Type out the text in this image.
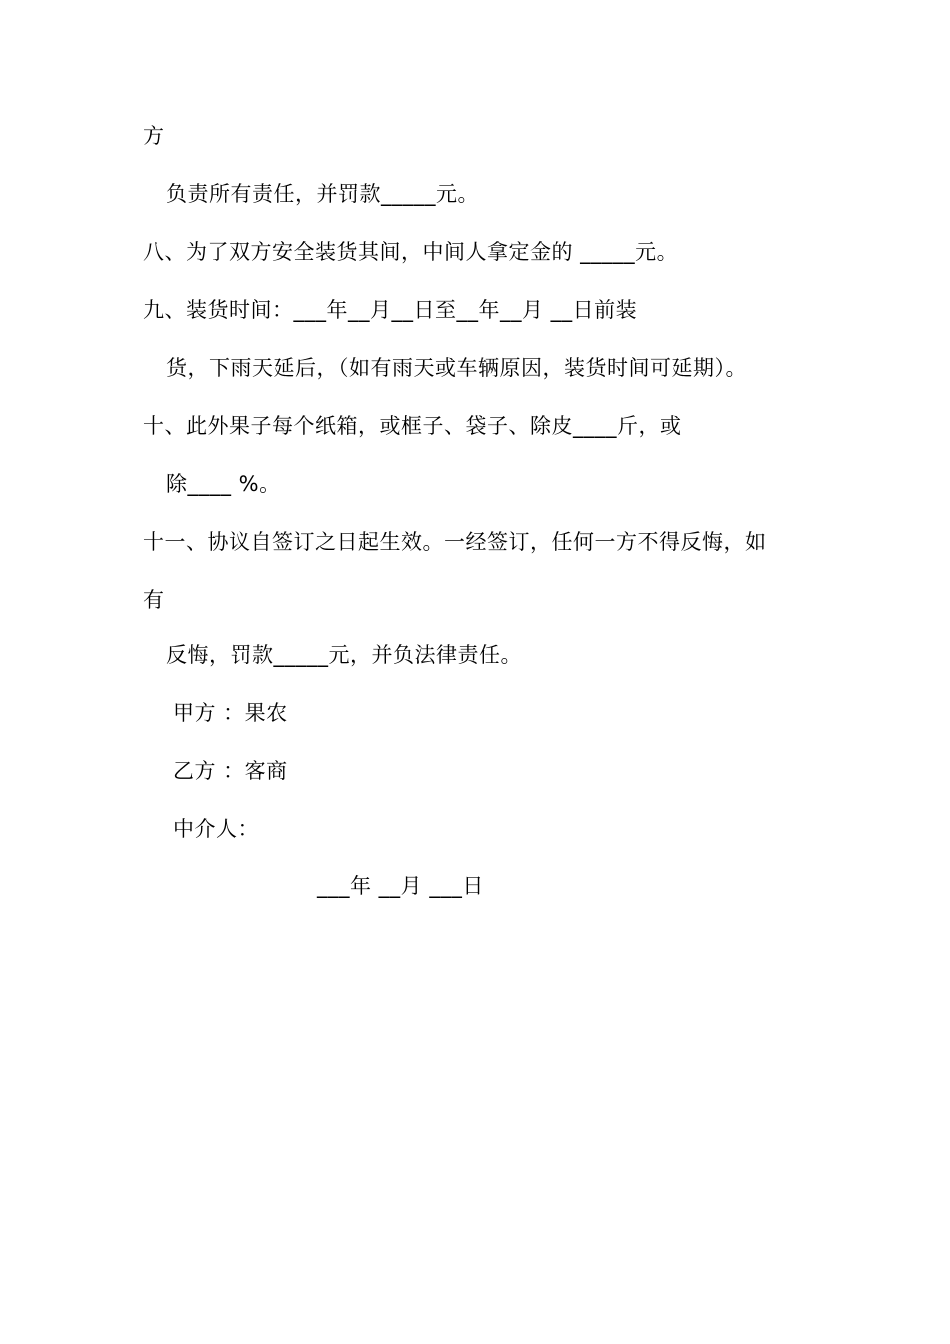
方
负责所有责任，并罚款_____元。
八、为了双方安全装货其间，中间人拿定金的 _____元。
九、装货时间：___年__月__日至__年__月 __日前装
货，下雨天延后，（如有雨天或车辆原因，装货时间可延期）。
十、此外果子每个纸箱，或框子、袋子、除皮____斤，或
除____ %。
十一、协议自签订之日起生效。一经签订，任何一方不得反悔，如
有
反悔，罚款_____元，并负法律责任。
甲方 ：果农
乙方 ：客商
中介人：
___年 __月 ___日
